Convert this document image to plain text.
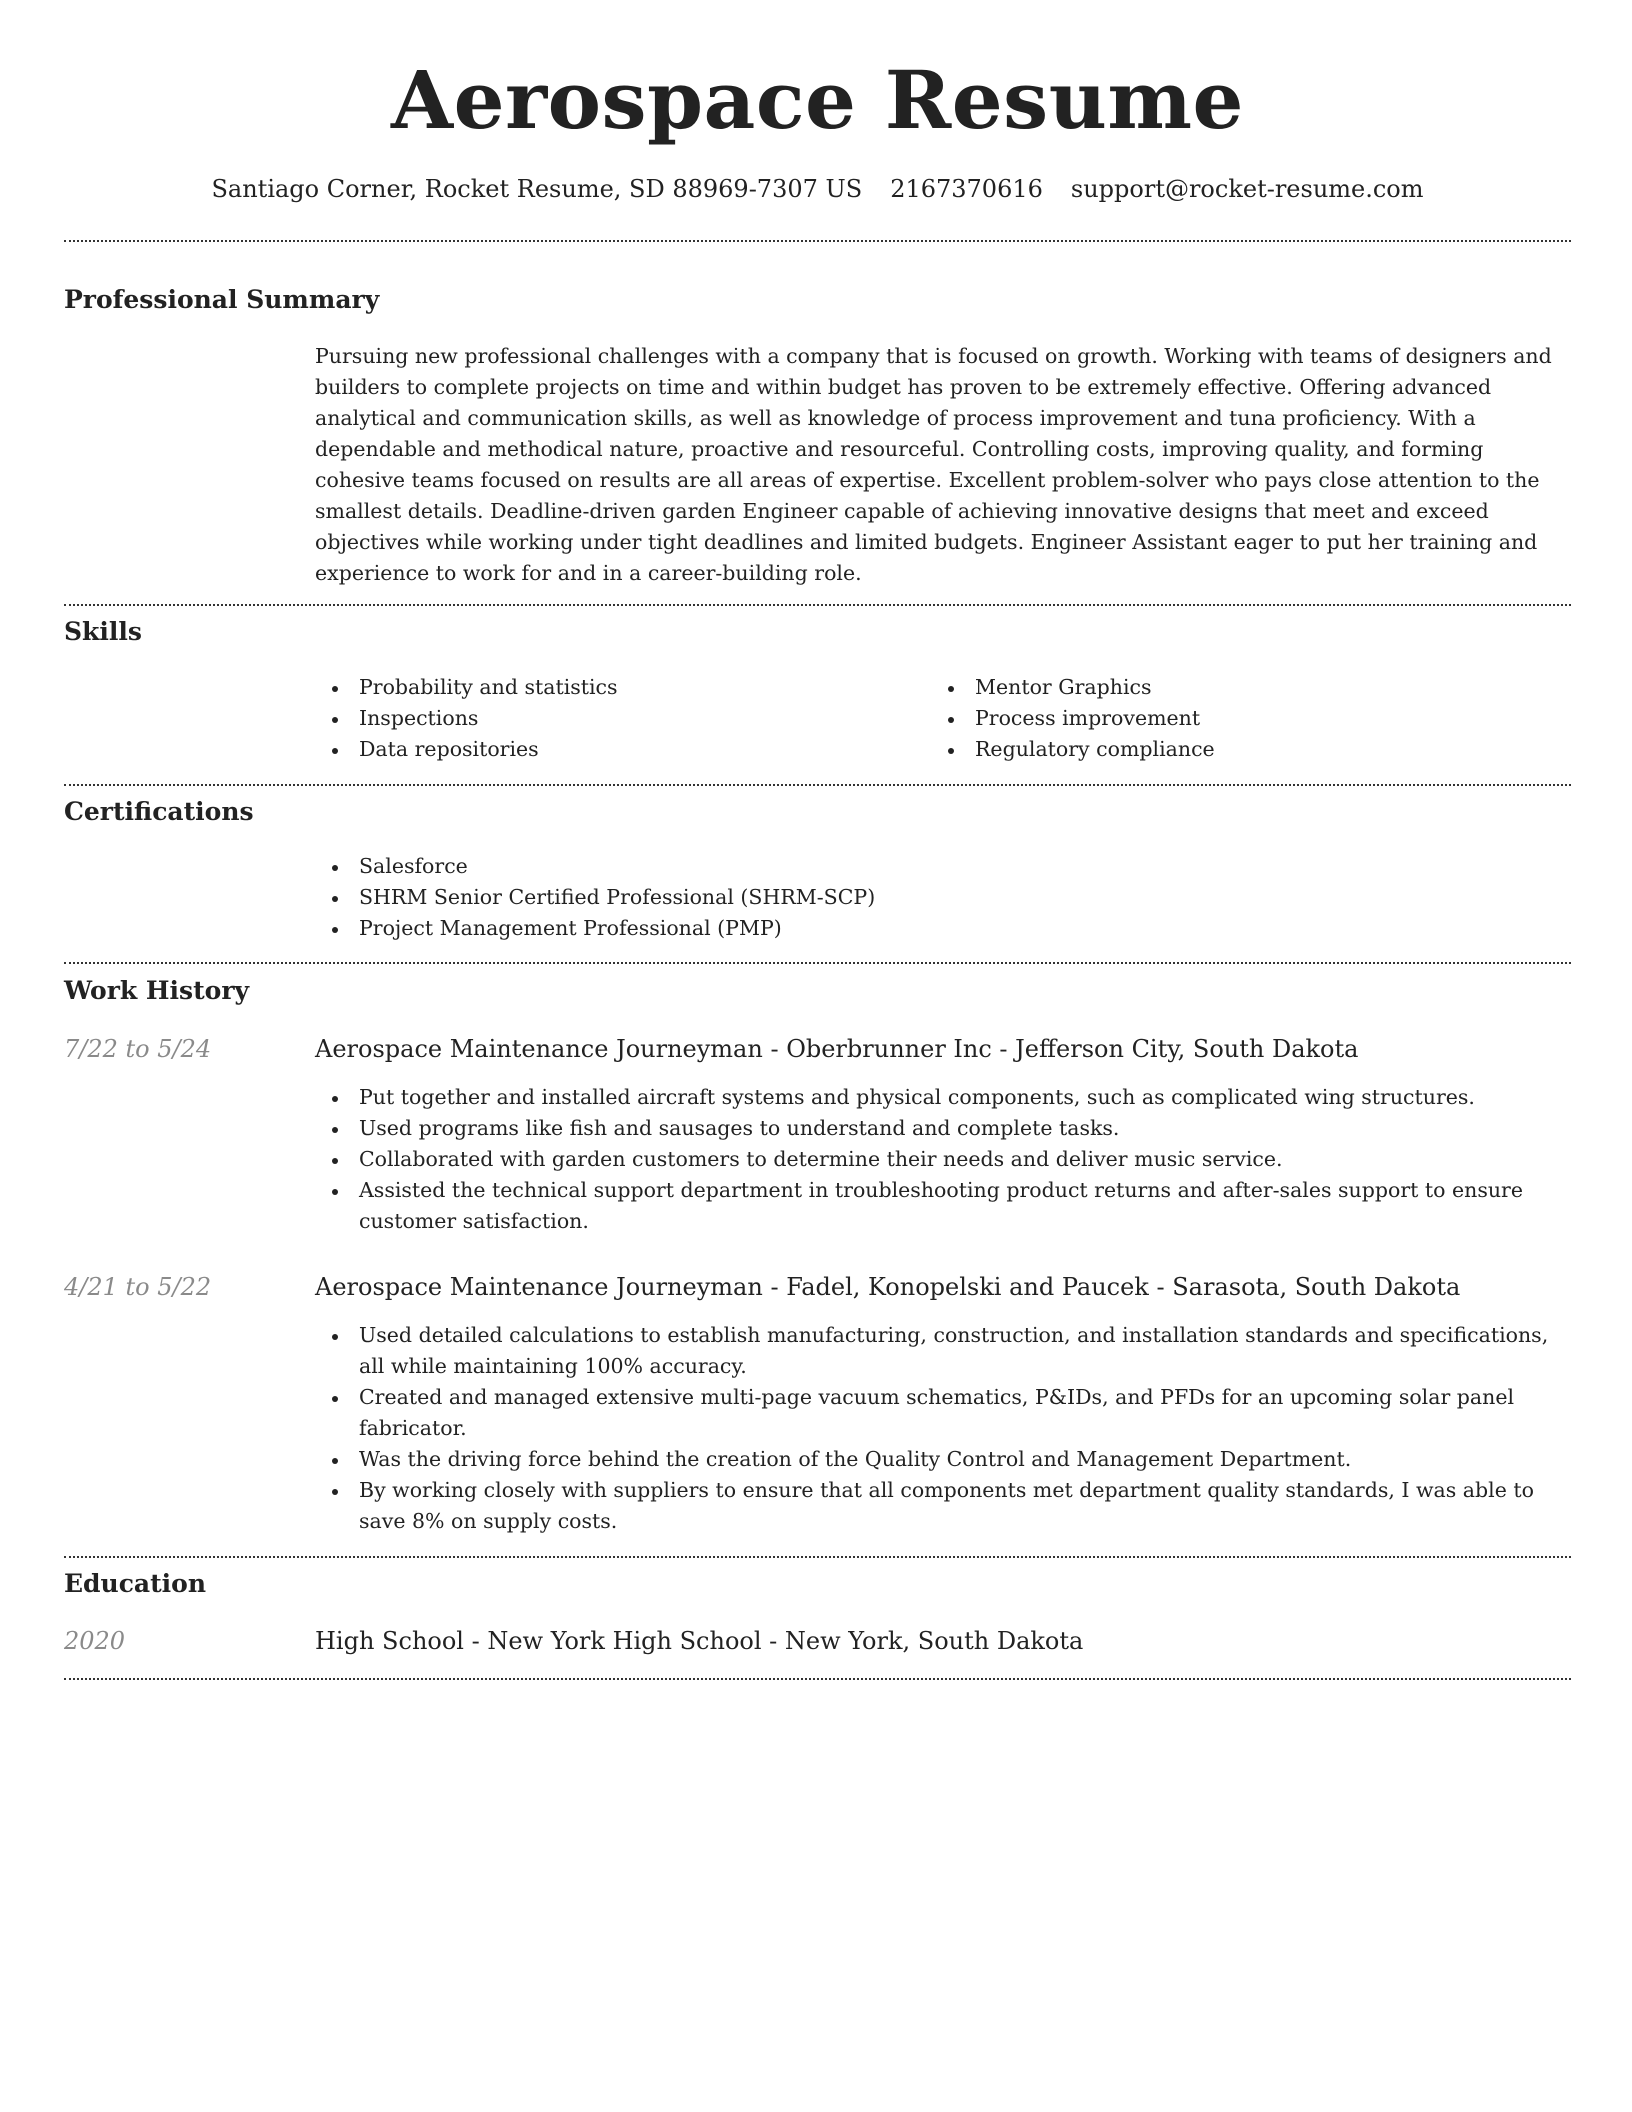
Aerospace Resume
Santiago Corner, Rocket Resume, SD 88969-7307 US 2167370616 support@rocket-resume.com
Professional Summary

Pursuing new professional challenges with a company that is focused on growth. Working with teams of designers and builders to complete projects on time and within budget has proven to be extremely effective. Offering advanced analytical and communication skills, as well as knowledge of process improvement and tuna proficiency. With a dependable and methodical nature, proactive and resourceful. Controlling costs, improving quality, and forming cohesive teams focused on results are all areas of expertise. Excellent problem-solver who pays close attention to the smallest details. Deadline-driven garden Engineer capable of achieving innovative designs that meet and exceed objectives while working under tight deadlines and limited budgets. Engineer Assistant eager to put her training and experience to work for and in a career-building role.

Skills
Probability and statistics
Inspections
Data repositories
Mentor Graphics
Process improvement
Regulatory compliance
Certifications
Salesforce
SHRM Senior Certified Professional (SHRM-SCP)
Project Management Professional (PMP)
Work History
7/22 to 5/24	Aerospace Maintenance Journeyman - Oberbrunner Inc - Jefferson City, South Dakota
Put together and installed aircraft systems and physical components, such as complicated wing structures.
Used programs like fish and sausages to understand and complete tasks.
Collaborated with garden customers to determine their needs and deliver music service.
Assisted the technical support department in troubleshooting product returns and after-sales support to ensure customer satisfaction.
4/21 to 5/22	Aerospace Maintenance Journeyman - Fadel, Konopelski and Paucek - Sarasota, South Dakota
Used detailed calculations to establish manufacturing, construction, and installation standards and specifications, all while maintaining 100% accuracy.
Created and managed extensive multi-page vacuum schematics, P&IDs, and PFDs for an upcoming solar panel fabricator.
Was the driving force behind the creation of the Quality Control and Management Department.
By working closely with suppliers to ensure that all components met department quality standards, I was able to save 8% on supply costs.
Education
2020	High School - New York High School - New York, South Dakota
